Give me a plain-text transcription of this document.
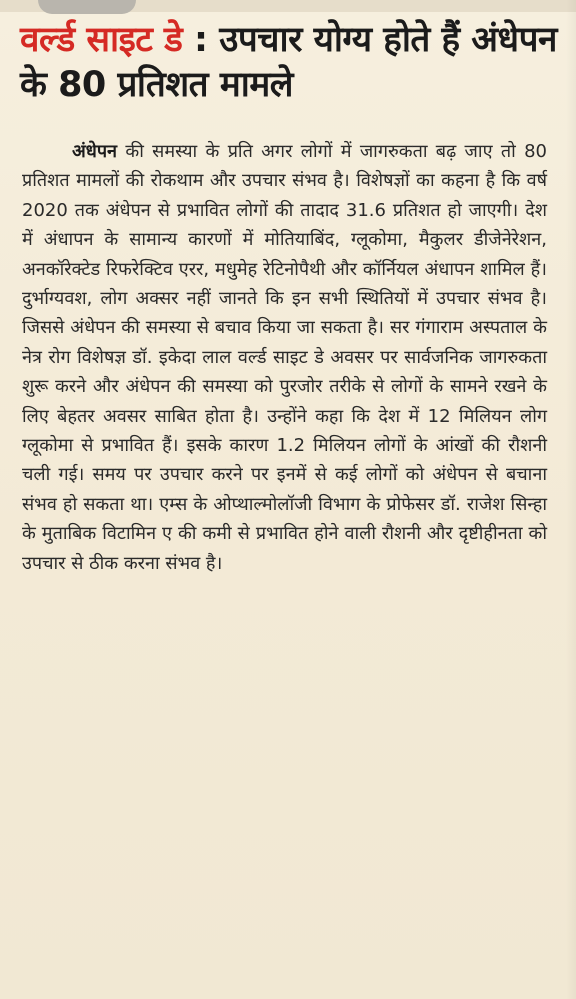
वर्ल्ड साइट डे : उपचार योग्य होते हैं अंधेपन के 80 प्रतिशत मामले

अंधेपन की समस्या के प्रति अगर लोगों में जागरुकता बढ़ जाए तो 80 प्रतिशत मामलों की रोकथाम और उपचार संभव है। विशेषज्ञों का कहना है कि वर्ष 2020 तक अंधेपन से प्रभावित लोगों की तादाद 31.6 प्रतिशत हो जाएगी। देश में अंधापन के सामान्य कारणों में मोतियाबिंद, ग्लूकोमा, मैकुलर डीजेनेरेशन, अनकॉरेक्टेड रिफरेक्टिव एरर, मधुमेह रेटिनोपैथी और कॉर्नियल अंधापन शामिल हैं। दुर्भाग्यवश, लोग अक्सर नहीं जानते कि इन सभी स्थितियों में उपचार संभव है। जिससे अंधेपन की समस्या से बचाव किया जा सकता है। सर गंगाराम अस्पताल के नेत्र रोग विशेषज्ञ डॉ. इकेदा लाल वर्ल्ड साइट डे अवसर पर सार्वजनिक जागरुकता शुरू करने और अंधेपन की समस्या को पुरजोर तरीके से लोगों के सामने रखने के लिए बेहतर अवसर साबित होता है। उन्होंने कहा कि देश में 12 मिलियन लोग ग्लूकोमा से प्रभावित हैं। इसके कारण 1.2 मिलियन लोगों के आंखों की रौशनी चली गई। समय पर उपचार करने पर इनमें से कई लोगों को अंधेपन से बचाना संभव हो सकता था। एम्स के ओप्थाल्मोलॉजी विभाग के प्रोफेसर डॉ. राजेश सिन्हा के मुताबिक विटामिन ए की कमी से प्रभावित होने वाली रौशनी और दृष्टीहीनता को उपचार से ठीक करना संभव है।
